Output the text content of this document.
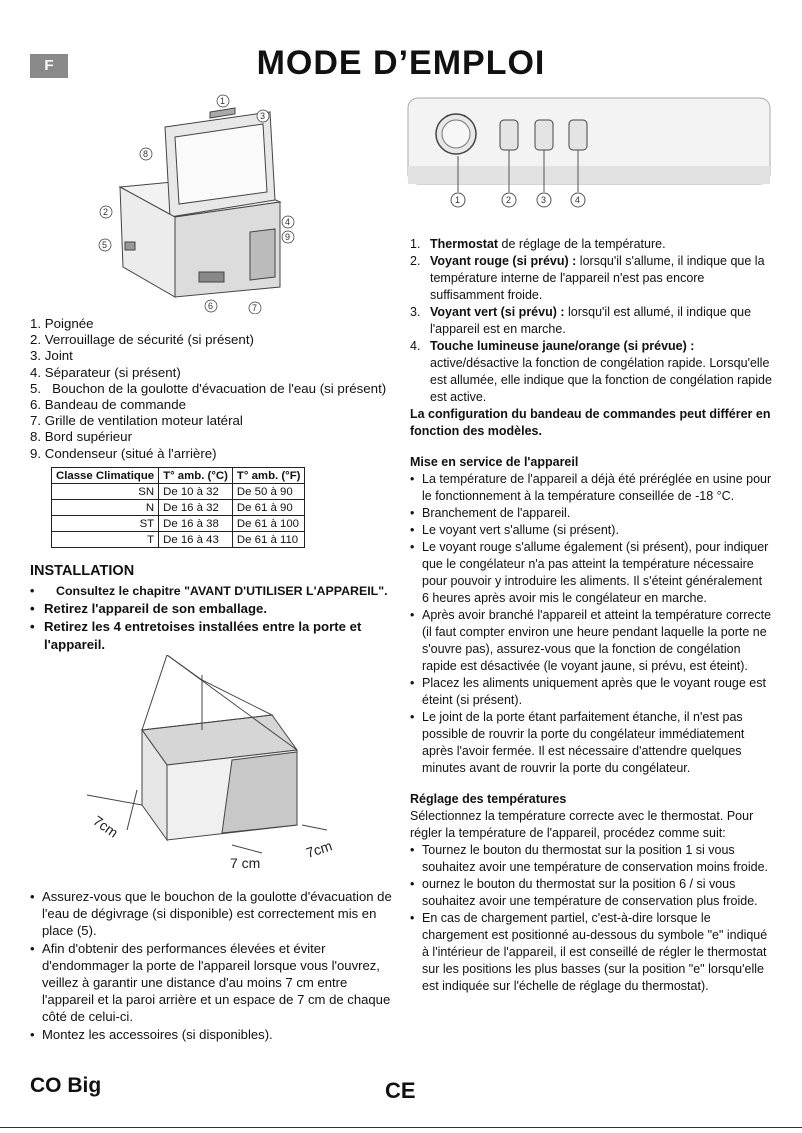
F	MODE D’EMPLOI
1
3
8
2
5
4
9
6	7
1	2	3	4
1. Poignée
2. Verrouillage de sécurité (si présent)
3. Joint
4. Séparateur (si présent)
5.   Bouchon de la goulotte d'évacuation de l'eau (si présent)
6. Bandeau de commande
7. Grille de ventilation moteur latéral
8. Bord supérieur
9. Condenseur (situé à l'arrière)
Classe Climatique	T° amb. (°C)	T° amb. (°F)
SN	De 10 à 32	De 50 à 90
N	De 16 à 32	De 61 à 90
ST	De 16 à 38	De 61 à 100
T	De 16 à 43	De 61 à 110
INSTALLATION
•	Consultez le chapitre "AVANT D'UTILISER L'APPAREIL".
• Retirez l'appareil de son emballage.
• Retirez les 4 entretoises installées entre la porte et l'appareil.
7cm
7 cm
7cm
• Assurez-vous que le bouchon de la goulotte d'évacuation de l'eau de dégivrage (si disponible) est correctement mis en place (5).
• Afin d'obtenir des performances élevées et éviter d'endommager la porte de l'appareil lorsque vous l'ouvrez, veillez à garantir une distance d'au moins 7 cm entre l'appareil et la paroi arrière et un espace de 7 cm de chaque côté de celui-ci.
• Montez les accessoires (si disponibles).
1. Thermostat de réglage de la température.
2. Voyant rouge (si prévu) : lorsqu'il s'allume, il indique que la température interne de l'appareil n'est pas encore suffisamment froide.
3. Voyant vert (si prévu) : lorsqu'il est allumé, il indique que l'appareil est en marche.
4. Touche lumineuse jaune/orange (si prévue) : active/désactive la fonction de congélation rapide. Lorsqu'elle est allumée, elle indique que la fonction de congélation rapide est active.
La configuration du bandeau de commandes peut différer en fonction des modèles.
Mise en service de l'appareil
• La température de l'appareil a déjà été préréglée en usine pour le fonctionnement à la température conseillée de -18 °C.
• Branchement de l'appareil.
• Le voyant vert s'allume (si présent).
• Le voyant rouge s'allume également (si présent), pour indiquer que le congélateur n'a pas atteint la température nécessaire pour pouvoir y introduire les aliments. Il s'éteint généralement 6 heures après avoir mis le congélateur en marche.
• Après avoir branché l'appareil et atteint la température correcte (il faut compter environ une heure pendant laquelle la porte ne s'ouvre pas), assurez-vous que la fonction de congélation rapide est désactivée (le voyant jaune, si prévu, est éteint).
• Placez les aliments uniquement après que le voyant rouge est éteint (si présent).
• Le joint de la porte étant parfaitement étanche, il n'est pas possible de rouvrir la porte du congélateur immédiatement après l'avoir fermée. Il est nécessaire d'attendre quelques minutes avant de rouvrir la porte du congélateur.
Réglage des températures
Sélectionnez la température correcte avec le thermostat. Pour régler la température de l'appareil, procédez comme suit:
• Tournez le bouton du thermostat sur la position 1 si vous souhaitez avoir une température de conservation moins froide.
• ournez le bouton du thermostat sur la position 6 / si vous souhaitez avoir une température de conservation plus froide.
• En cas de chargement partiel, c'est-à-dire lorsque le chargement est positionné au-dessous du symbole "e" indiqué à l'intérieur de l'appareil, il est conseillé de régler le thermostat sur les positions les plus basses (sur la position "e" lorsqu'elle est indiquée sur l'échelle de réglage du thermostat).
CO Big	CE
